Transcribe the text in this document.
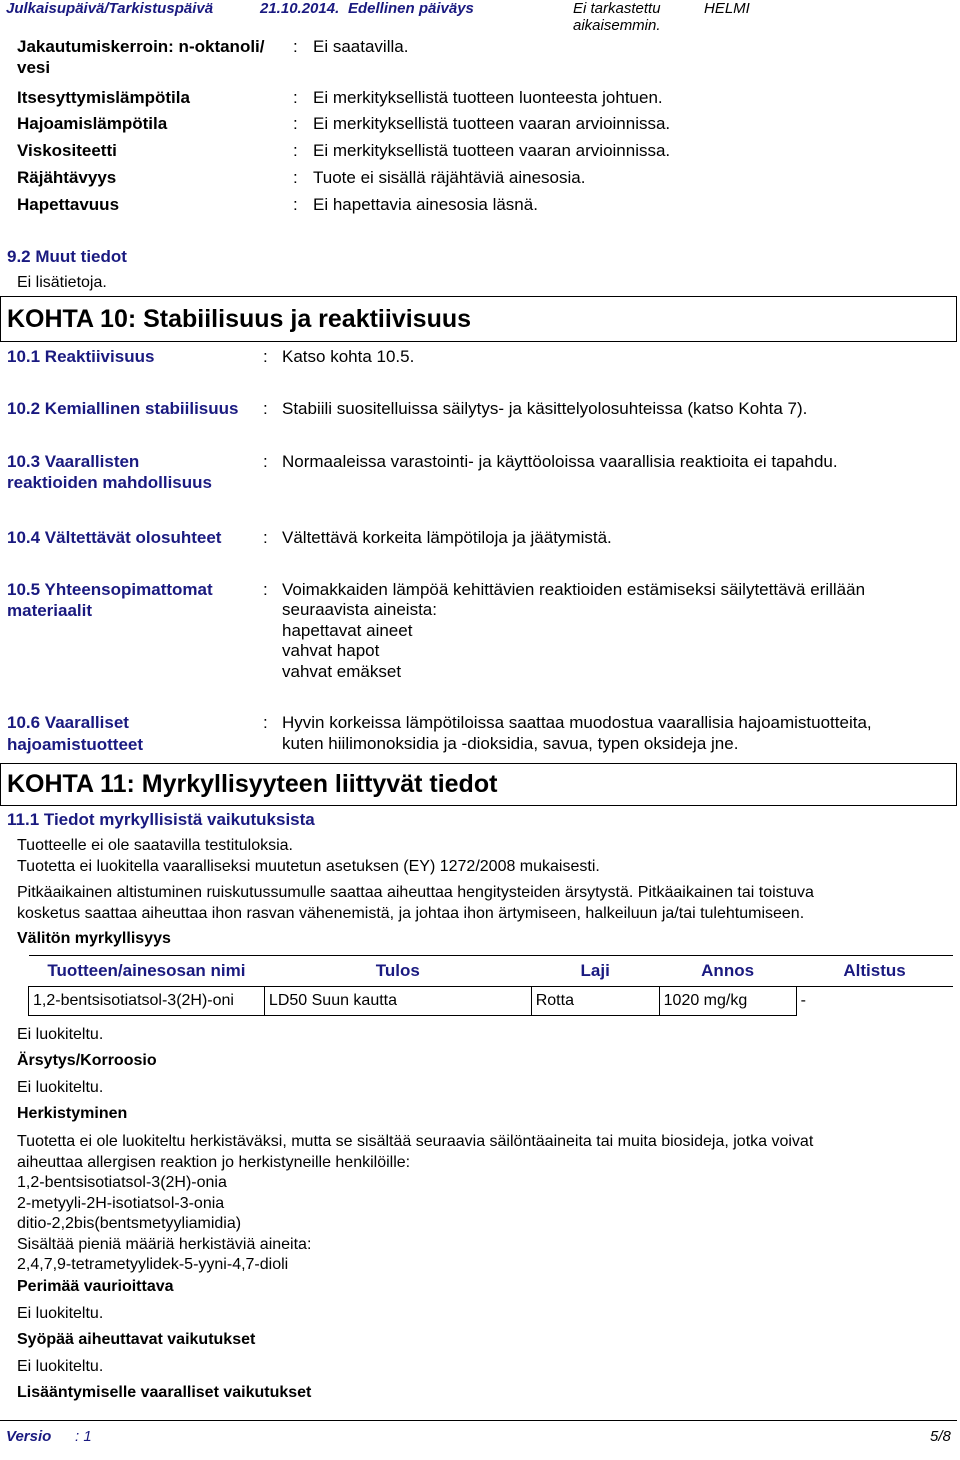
Julkaisupäivä/Tarkistuspäivä	21.10.2014. Edellinen päiväys	Ei tarkastettu
aikaisemmin.
HELMI
Jakautumiskerroin: n-oktanoli/
vesi
: Ei saatavilla.
Itsesyttymislämpötila	: Ei merkityksellistä tuotteen luonteesta johtuen.
Hajoamislämpötila	: Ei merkityksellistä tuotteen vaaran arvioinnissa.
Viskositeetti	: Ei merkityksellistä tuotteen vaaran arvioinnissa.
Räjähtävyys	: Tuote ei sisällä räjähtäviä ainesosia.
Hapettavuus	: Ei hapettavia ainesosia läsnä.
9.2 Muut tiedot
Ei lisätietoja.
KOHTA 10: Stabiilisuus ja reaktiivisuus
10.1 Reaktiivisuus	: Katso kohta 10.5.
10.2 Kemiallinen stabiilisuus : Stabiili suositelluissa säilytys- ja käsittelyolosuhteissa (katso Kohta 7).
10.3 Vaarallisten
reaktioiden mahdollisuus
: Normaaleissa varastointi- ja käyttöoloissa vaarallisia reaktioita ei tapahdu.
10.4 Vältettävät olosuhteet : Vältettävä korkeita lämpötiloja ja jäätymistä.
10.5 Yhteensopimattomat
materiaalit
: Voimakkaiden lämpöä kehittävien reaktioiden estämiseksi säilytettävä erillään
seuraavista aineista:
hapettavat aineet
vahvat hapot
vahvat emäkset
10.6 Vaaralliset
hajoamistuotteet
: Hyvin korkeissa lämpötiloissa saattaa muodostua vaarallisia hajoamistuotteita,
kuten hiilimonoksidia ja -dioksidia, savua, typen oksideja jne.
KOHTA 11: Myrkyllisyyteen liittyvät tiedot
11.1 Tiedot myrkyllisistä vaikutuksista
Tuotteelle ei ole saatavilla testituloksia.
Tuotetta ei luokitella vaaralliseksi muutetun asetuksen (EY) 1272/2008 mukaisesti.
Pitkäaikainen altistuminen ruiskutussumulle saattaa aiheuttaa hengitysteiden ärsytystä. Pitkäaikainen tai toistuva
kosketus saattaa aiheuttaa ihon rasvan vähenemistä, ja johtaa ihon ärtymiseen, halkeiluun ja/tai tulehtumiseen.
Välitön myrkyllisyys
Tuotteen/ainesosan nimi	Tulos	Laji	Annos	Altistus
1,2-bentsisotiatsol-3(2H)-oni	LD50 Suun kautta	Rotta	1020 mg/kg	-
Ei luokiteltu.
Ärsytys/Korroosio
Ei luokiteltu.
Herkistyminen
Tuotetta ei ole luokiteltu herkistäväksi, mutta se sisältää seuraavia säilöntäaineita tai muita biosideja, jotka voivat
aiheuttaa allergisen reaktion jo herkistyneille henkilöille:
1,2-bentsisotiatsol-3(2H)-onia
2-metyyli-2H-isotiatsol-3-onia
ditio-2,2bis(bentsmetyyliamidia)
Sisältää pieniä määriä herkistäviä aineita:
2,4,7,9-tetrametyylidek-5-yyni-4,7-dioli
Perimää vaurioittava
Ei luokiteltu.
Syöpää aiheuttavat vaikutukset
Ei luokiteltu.
Lisääntymiselle vaaralliset vaikutukset
Versio : 1	5/8
